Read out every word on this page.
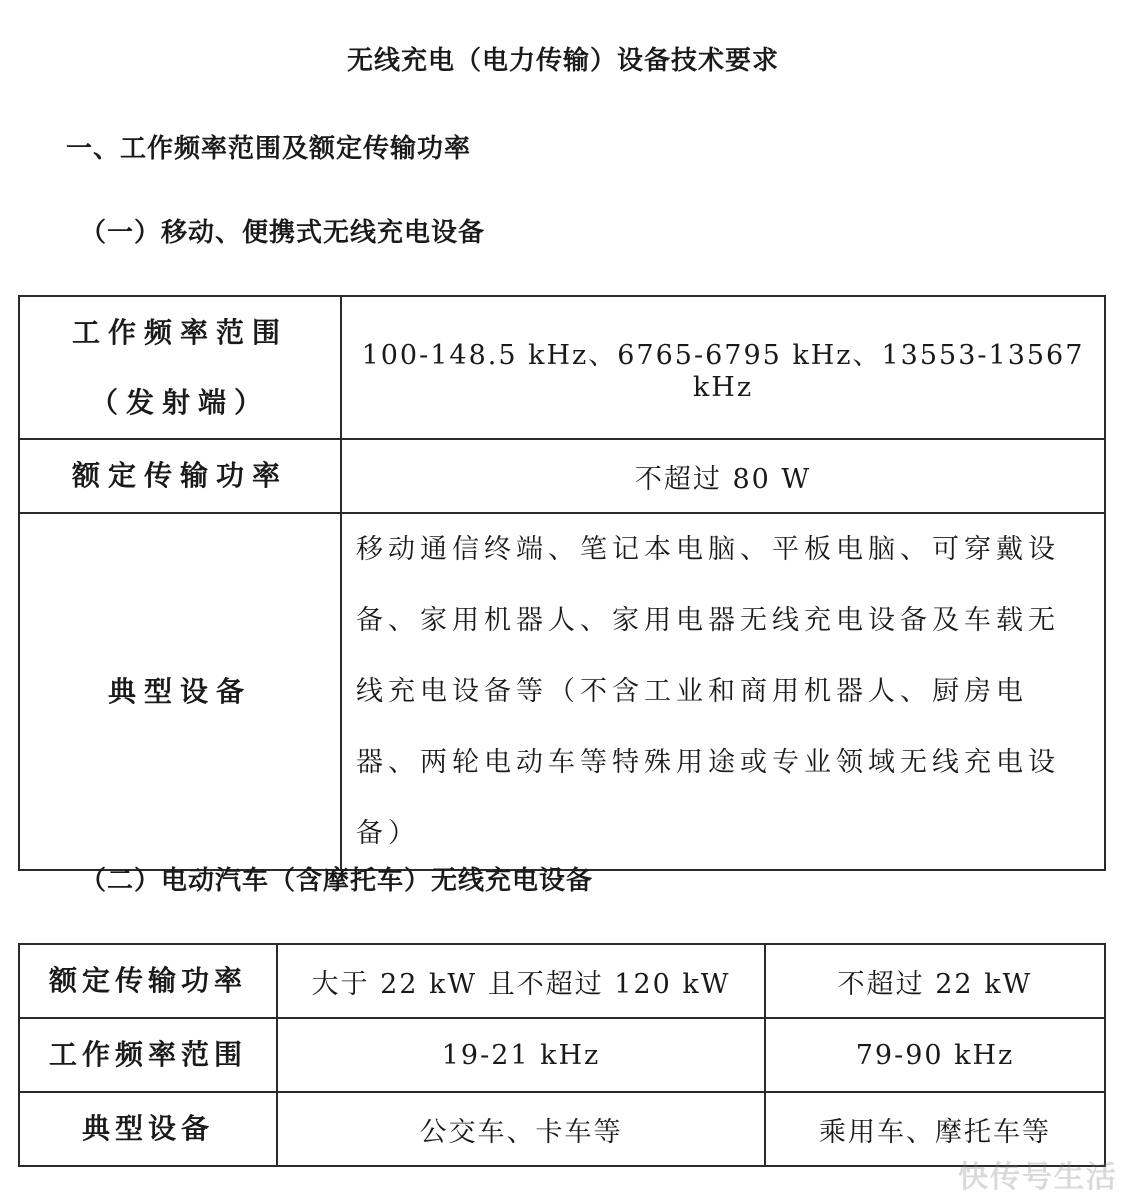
无线充电（电力传输）设备技术要求
一、工作频率范围及额定传输功率
（一）移动、便携式无线充电设备
工作频率范围
（发射端）	100-148.5 kHz、6765-6795 kHz、13553-13567 kHz
额定传输功率	不超过 80 W
典型设备	移动通信终端、笔记本电脑、平板电脑、可穿戴设备、家用机器人、家用电器无线充电设备及车载无线充电设备等（不含工业和商用机器人、厨房电器、两轮电动车等特殊用途或专业领域无线充电设备）
（二）电动汽车（含摩托车）无线充电设备
额定传输功率	大于 22 kW 且不超过 120 kW	不超过 22 kW
工作频率范围	19-21 kHz	79-90 kHz
典型设备	公交车、卡车等	乘用车、摩托车等
快传号生活
